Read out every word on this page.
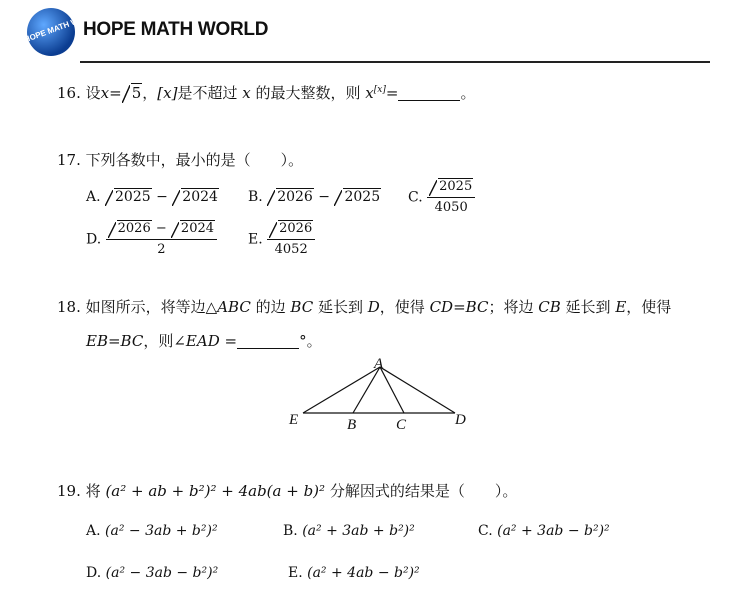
HOPE MATH WORLD
HOPE MATH WORLD
16. 设x= 5，[x]是不超过 x 的最大整数，则 x[x]=	。
17. 下列各数中，最小的是（　　）。
A. 2025 − 2024 B. 2026 − 2025 C. $\frac{2025}{4050}$
D. $\frac{2026 - 2024}{2} E$. $\frac{2026}{4052}$
18. 如图所示，将等边△ABC 的边 BC 延长到 D，使得 CD=BC；将边 CB 延长到 E，使得
EB=BC，则∠EAD =	°。
A
E	B	C	D
19. 将 (a² + ab + b²)² + 4ab(a + b)² 分解因式的结果是（　　）。
A. (a² − 3ab + b²)²	B. (a² + 3ab + b²)²	C. (a² + 3ab − b²)²
D. (a² − 3ab − b²)²	E. (a² + 4ab − b²)²
